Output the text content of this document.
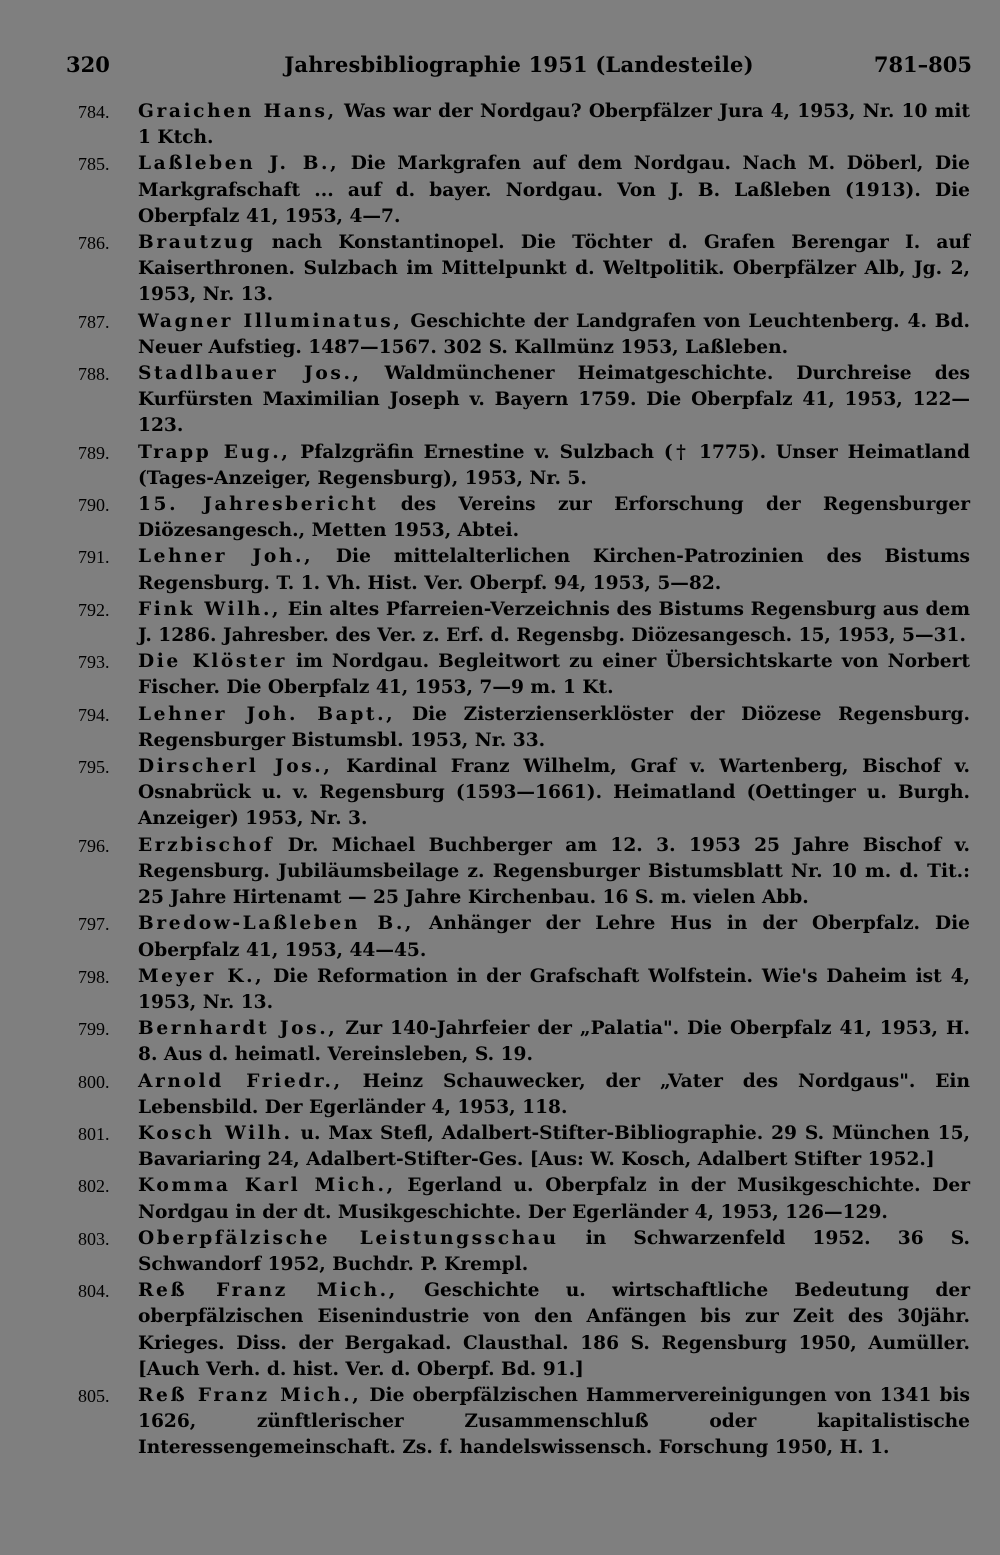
320	Jahresbibliographie 1951 (Landesteile)	781–805
784. Graichen Hans, Was war der Nordgau? Oberpfälzer Jura 4, 1953, Nr. 10 mit 1 Ktch.
785. Laßleben J. B., Die Markgrafen auf dem Nordgau. Nach M. Döberl, Die Markgrafschaft ... auf d. bayer. Nordgau. Von J. B. Laßleben (1913). Die Oberpfalz 41, 1953, 4—7.
786. Brautzug nach Konstantinopel. Die Töchter d. Grafen Berengar I. auf Kaiserthronen. Sulzbach im Mittelpunkt d. Weltpolitik. Oberpfälzer Alb, Jg. 2, 1953, Nr. 13.
787. Wagner Illuminatus, Geschichte der Landgrafen von Leuchtenberg. 4. Bd. Neuer Aufstieg. 1487—1567. 302 S. Kallmünz 1953, Laßleben.
788. Stadlbauer Jos., Waldmünchener Heimatgeschichte. Durchreise des Kurfürsten Maximilian Joseph v. Bayern 1759. Die Oberpfalz 41, 1953, 122—123.
789. Trapp Eug., Pfalzgräfin Ernestine v. Sulzbach († 1775). Unser Heimatland (Tages-Anzeiger, Regensburg), 1953, Nr. 5.
790. 15. Jahresbericht des Vereins zur Erforschung der Regensburger Diözesangesch., Metten 1953, Abtei.
791. Lehner Joh., Die mittelalterlichen Kirchen-Patrozinien des Bistums Regensburg. T. 1. Vh. Hist. Ver. Oberpf. 94, 1953, 5—82.
792. Fink Wilh., Ein altes Pfarreien-Verzeichnis des Bistums Regensburg aus dem J. 1286. Jahresber. des Ver. z. Erf. d. Regensbg. Diözesangesch. 15, 1953, 5—31.
793. Die Klöster im Nordgau. Begleitwort zu einer Übersichtskarte von Norbert Fischer. Die Oberpfalz 41, 1953, 7—9 m. 1 Kt.
794. Lehner Joh. Bapt., Die Zisterzienserklöster der Diözese Regensburg. Regensburger Bistumsbl. 1953, Nr. 33.
795. Dirscherl Jos., Kardinal Franz Wilhelm, Graf v. Wartenberg, Bischof v. Osnabrück u. v. Regensburg (1593—1661). Heimatland (Oettinger u. Burgh. Anzeiger) 1953, Nr. 3.
796. Erzbischof Dr. Michael Buchberger am 12. 3. 1953 25 Jahre Bischof v. Regensburg. Jubiläumsbeilage z. Regensburger Bistumsblatt Nr. 10 m. d. Tit.: 25 Jahre Hirtenamt — 25 Jahre Kirchenbau. 16 S. m. vielen Abb.
797. Bredow-Laßleben B., Anhänger der Lehre Hus in der Oberpfalz. Die Oberpfalz 41, 1953, 44—45.
798. Meyer K., Die Reformation in der Grafschaft Wolfstein. Wie's Daheim ist 4, 1953, Nr. 13.
799. Bernhardt Jos., Zur 140-Jahrfeier der „Palatia". Die Oberpfalz 41, 1953, H. 8. Aus d. heimatl. Vereinsleben, S. 19.
800. Arnold Friedr., Heinz Schauwecker, der „Vater des Nordgaus". Ein Lebensbild. Der Egerländer 4, 1953, 118.
801. Kosch Wilh. u. Max Stefl, Adalbert-Stifter-Bibliographie. 29 S. München 15, Bavariaring 24, Adalbert-Stifter-Ges. [Aus: W. Kosch, Adalbert Stifter 1952.]
802. Komma Karl Mich., Egerland u. Oberpfalz in der Musikgeschichte. Der Nordgau in der dt. Musikgeschichte. Der Egerländer 4, 1953, 126—129.
803. Oberpfälzische Leistungsschau in Schwarzenfeld 1952. 36 S. Schwandorf 1952, Buchdr. P. Krempl.
804. Reß Franz Mich., Geschichte u. wirtschaftliche Bedeutung der oberpfälzischen Eisenindustrie von den Anfängen bis zur Zeit des 30jähr. Krieges. Diss. der Bergakad. Clausthal. 186 S. Regensburg 1950, Aumüller. [Auch Verh. d. hist. Ver. d. Oberpf. Bd. 91.]
805. Reß Franz Mich., Die oberpfälzischen Hammervereinigungen von 1341 bis 1626, zünftlerischer Zusammenschluß oder kapitalistische Interessengemeinschaft. Zs. f. handelswissensch. Forschung 1950, H. 1.
